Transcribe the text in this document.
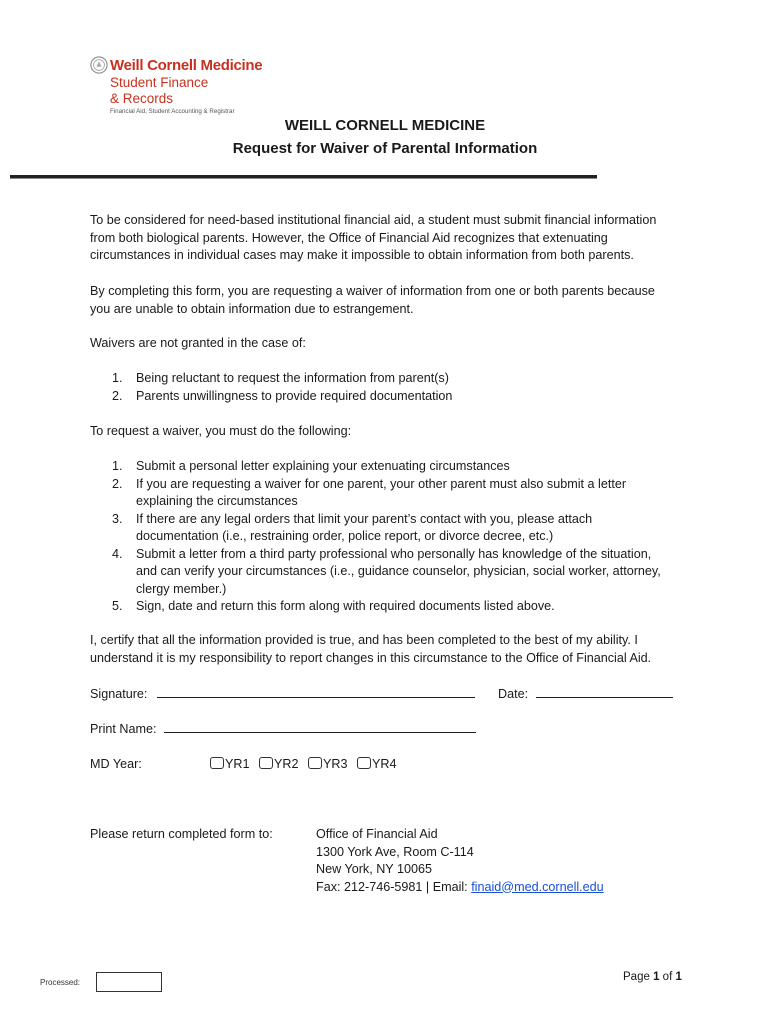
Weill Cornell Medicine
Student Finance
& Records
Financial Aid, Student Accounting & Registrar
WEILL CORNELL MEDICINE
Request for Waiver of Parental Information
To be considered for need-based institutional financial aid, a student must submit financial information
from both biological parents. However, the Office of Financial Aid recognizes that extenuating
circumstances in individual cases may make it impossible to obtain information from both parents.
By completing this form, you are requesting a waiver of information from one or both parents because
you are unable to obtain information due to estrangement.
Waivers are not granted in the case of:
1. Being reluctant to request the information from parent(s)
2. Parents unwillingness to provide required documentation
To request a waiver, you must do the following:
1. Submit a personal letter explaining your extenuating circumstances
2. If you are requesting a waiver for one parent, your other parent must also submit a letter
explaining the circumstances
3. If there are any legal orders that limit your parent’s contact with you, please attach
documentation (i.e., restraining order, police report, or divorce decree, etc.)
4. Submit a letter from a third party professional who personally has knowledge of the situation,
and can verify your circumstances (i.e., guidance counselor, physician, social worker, attorney,
clergy member.)
5. Sign, date and return this form along with required documents listed above.
I, certify that all the information provided is true, and has been completed to the best of my ability. I
understand it is my responsibility to report changes in this circumstance to the Office of Financial Aid.
Signature:	Date:
Print Name:
MD Year:	YR1 YR2 YR3 YR4
Please return completed form to:	Office of Financial Aid
1300 York Ave, Room C-114
New York, NY 10065
Fax: 212-746-5981 | Email: finaid@med.cornell.edu
Processed:	Page 1 of 1
